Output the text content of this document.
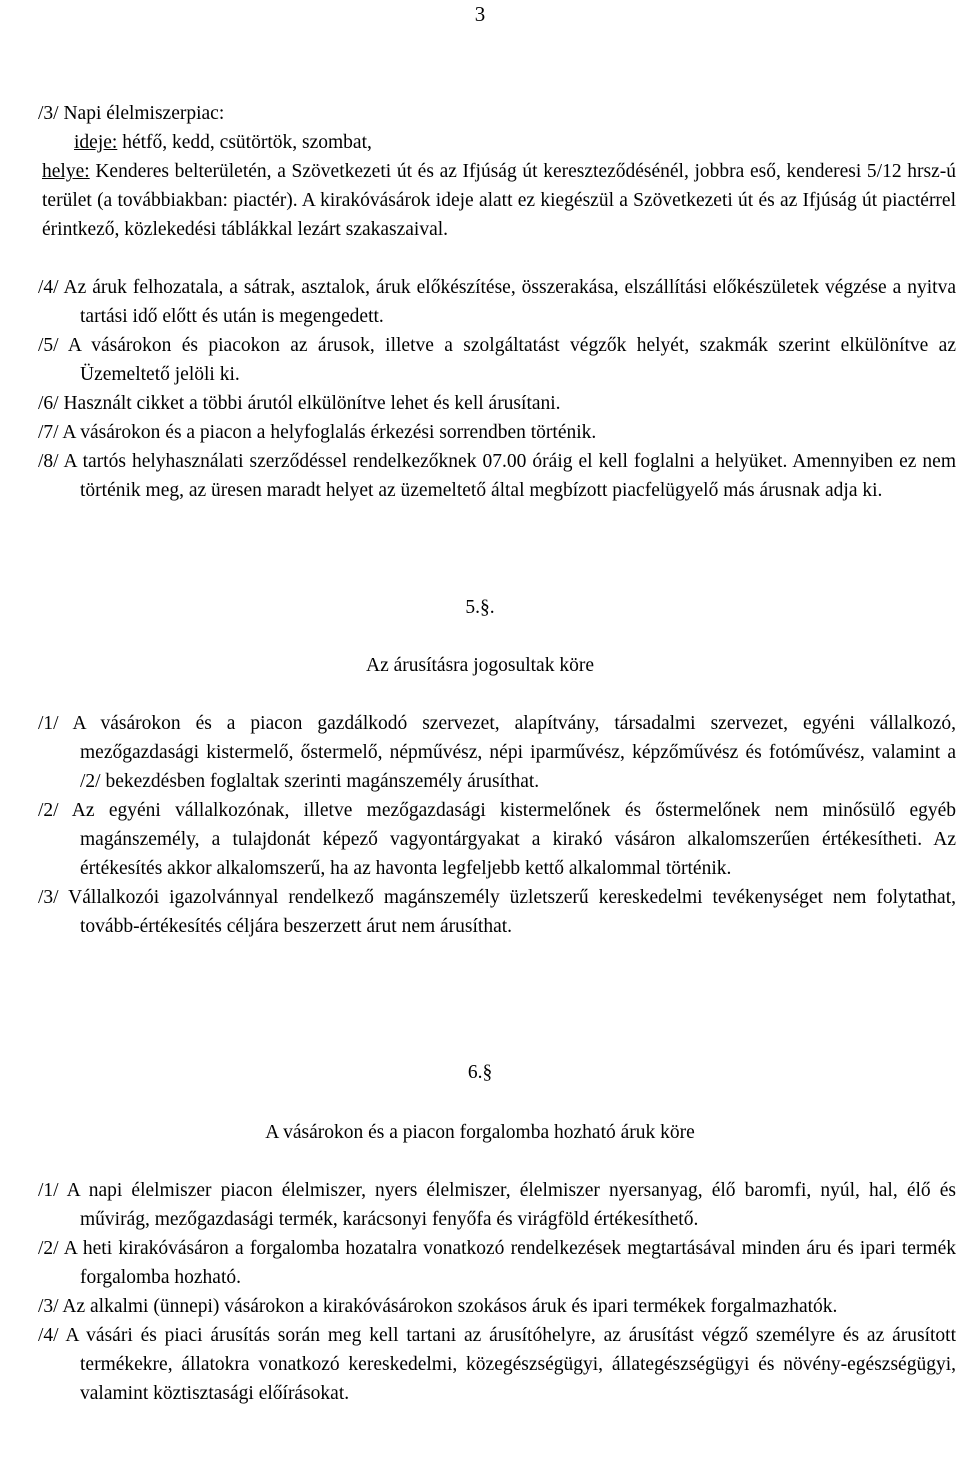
3

/3/ Napi élelmiszerpiac:

ideje: hétfő, kedd, csütörtök, szombat,

helye: Kenderes belterületén, a Szövetkezeti út és az Ifjúság út kereszteződésénél, jobbra eső, kenderesi 5/12 hrsz-ú terület (a továbbiakban: piactér). A kirakóvásárok ideje alatt ez kiegészül a Szövetkezeti út és az Ifjúság út piactérrel érintkező, közlekedési táblákkal lezárt szakaszaival.

/4/ Az áruk felhozatala, a sátrak, asztalok, áruk előkészítése, összerakása, elszállítási előkészületek végzése a nyitva tartási idő előtt és után is megengedett.

/5/ A vásárokon és piacokon az árusok, illetve a szolgáltatást végzők helyét, szakmák szerint elkülönítve az Üzemeltető jelöli ki.

/6/ Használt cikket a többi árutól elkülönítve lehet és kell árusítani.

/7/ A vásárokon és a piacon a helyfoglalás érkezési sorrendben történik.

/8/ A tartós helyhasználati szerződéssel rendelkezőknek 07.00 óráig el kell foglalni a helyüket. Amennyiben ez nem történik meg, az üresen maradt helyet az üzemeltető által megbízott piacfelügyelő más árusnak adja ki.

5.§.

Az árusításra jogosultak köre

/1/ A vásárokon és a piacon gazdálkodó szervezet, alapítvány, társadalmi szervezet, egyéni vállalkozó, mezőgazdasági kistermelő, őstermelő, népművész, népi iparművész, képzőművész és fotóművész, valamint a /2/ bekezdésben foglaltak szerinti magánszemély árusíthat.

/2/ Az egyéni vállalkozónak, illetve mezőgazdasági kistermelőnek és őstermelőnek nem minősülő egyéb magánszemély, a tulajdonát képező vagyontárgyakat a kirakó vásáron alkalomszerűen értékesítheti. Az értékesítés akkor alkalomszerű, ha az havonta legfeljebb kettő alkalommal történik.

/3/ Vállalkozói igazolvánnyal rendelkező magánszemély üzletszerű kereskedelmi tevékenységet nem folytathat, tovább-értékesítés céljára beszerzett árut nem árusíthat.

6.§

A vásárokon és a piacon forgalomba hozható áruk köre

/1/ A napi élelmiszer piacon élelmiszer, nyers élelmiszer, élelmiszer nyersanyag, élő baromfi, nyúl, hal, élő és művirág, mezőgazdasági termék, karácsonyi fenyőfa és virágföld értékesíthető.

/2/ A heti kirakóvásáron a forgalomba hozatalra vonatkozó rendelkezések megtartásával minden áru és ipari termék forgalomba hozható.

/3/ Az alkalmi (ünnepi) vásárokon a kirakóvásárokon szokásos áruk és ipari termékek forgalmazhatók.

/4/ A vásári és piaci árusítás során meg kell tartani az árusítóhelyre, az árusítást végző személyre és az árusított termékekre, állatokra vonatkozó kereskedelmi, közegészségügyi, állategészségügyi és növény-egészségügyi, valamint köztisztasági előírásokat.
